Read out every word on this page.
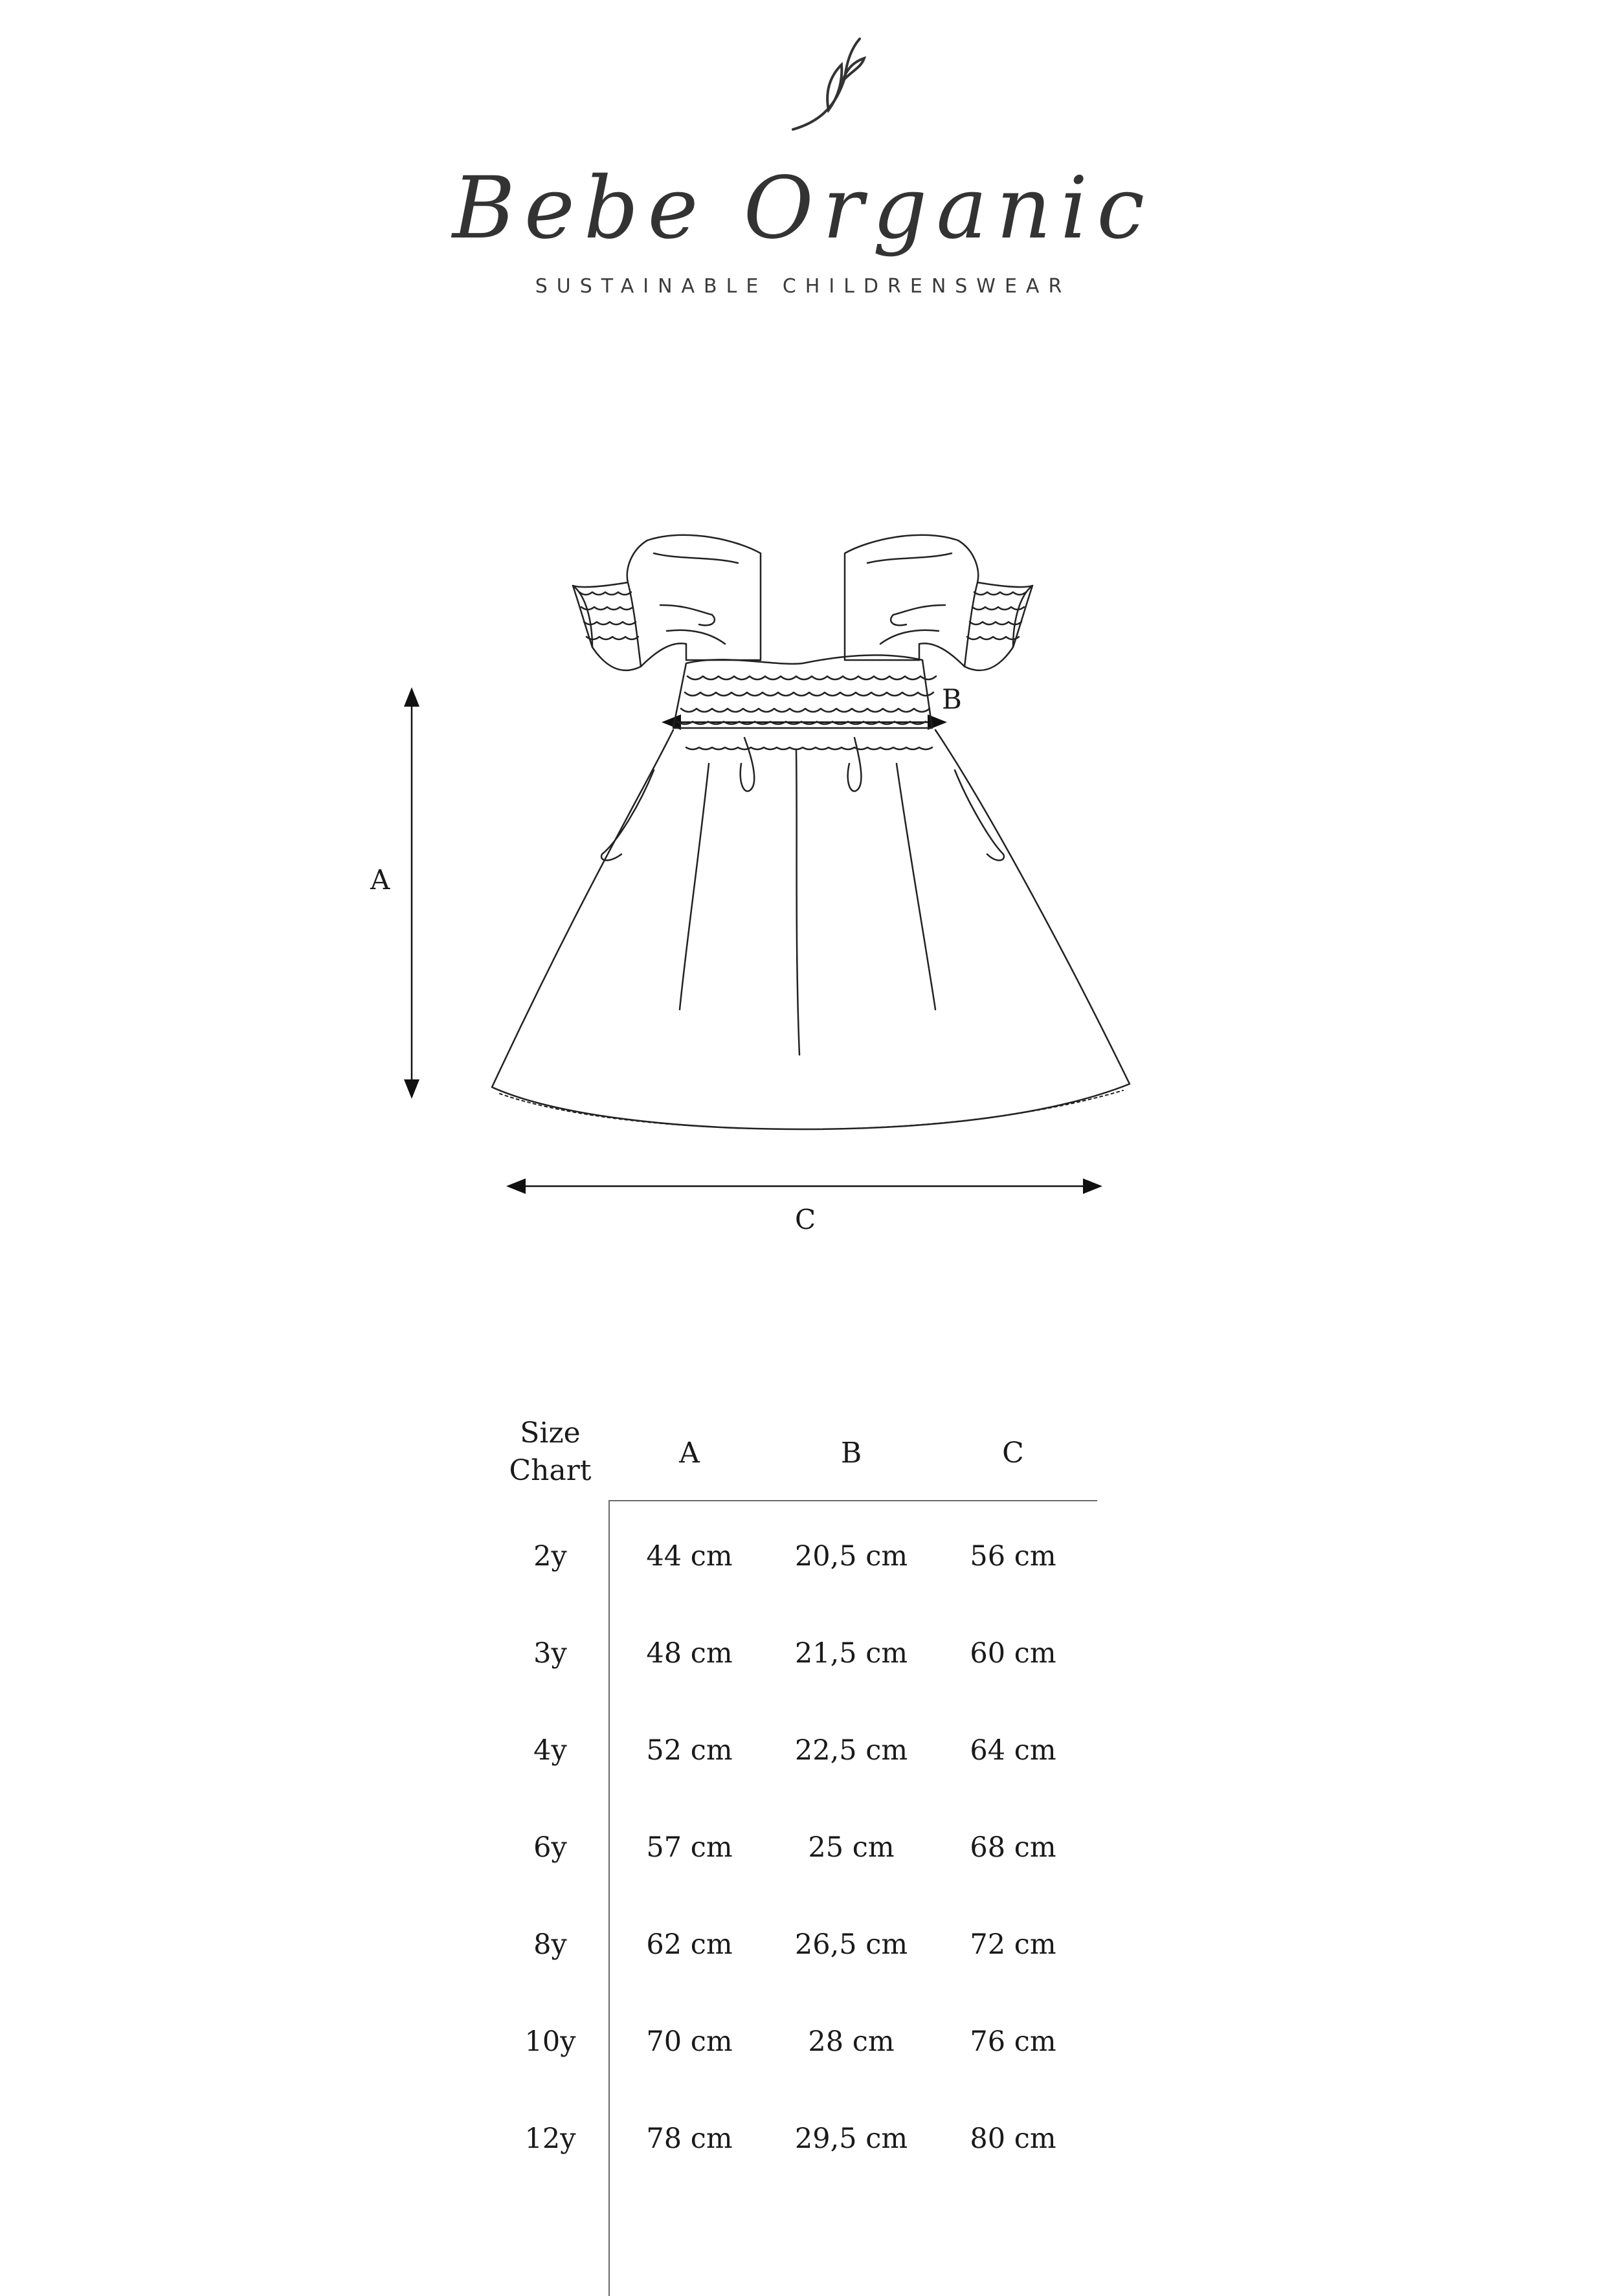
Bebe Organic
SUSTAINABLE CHILDRENSWEAR
A
B
C
Size
Chart
A	B	C
2y	44 cm	20,5 cm	56 cm
3y	48 cm	21,5 cm	60 cm
4y	52 cm	22,5 cm	64 cm
6y	57 cm	25 cm	68 cm
8y	62 cm	26,5 cm	72 cm
10y	70 cm	28 cm	76 cm
12y	78 cm	29,5 cm	80 cm
